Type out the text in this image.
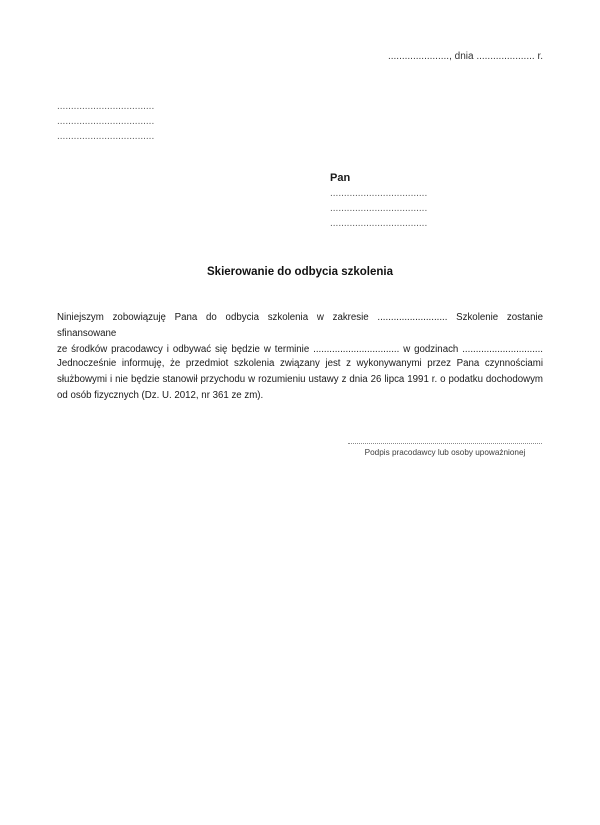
......................, dnia ..................... r.
...................................
...................................
...................................
Pan
...................................
...................................
...................................
Skierowanie do odbycia szkolenia
Niniejszym zobowiązuję Pana do odbycia szkolenia w zakresie .......................... Szkolenie zostanie sfinansowane
ze środków pracodawcy i odbywać się będzie w terminie ................................ w godzinach ..............................
Jednocześnie informuję, że przedmiot szkolenia związany jest z wykonywanymi przez Pana czynnościami
służbowymi i nie będzie stanowił przychodu w rozumieniu ustawy z dnia 26 lipca 1991 r. o podatku dochodowym
od osób fizycznych (Dz. U. 2012, nr 361 ze zm).
Podpis pracodawcy lub osoby upoważnionej
